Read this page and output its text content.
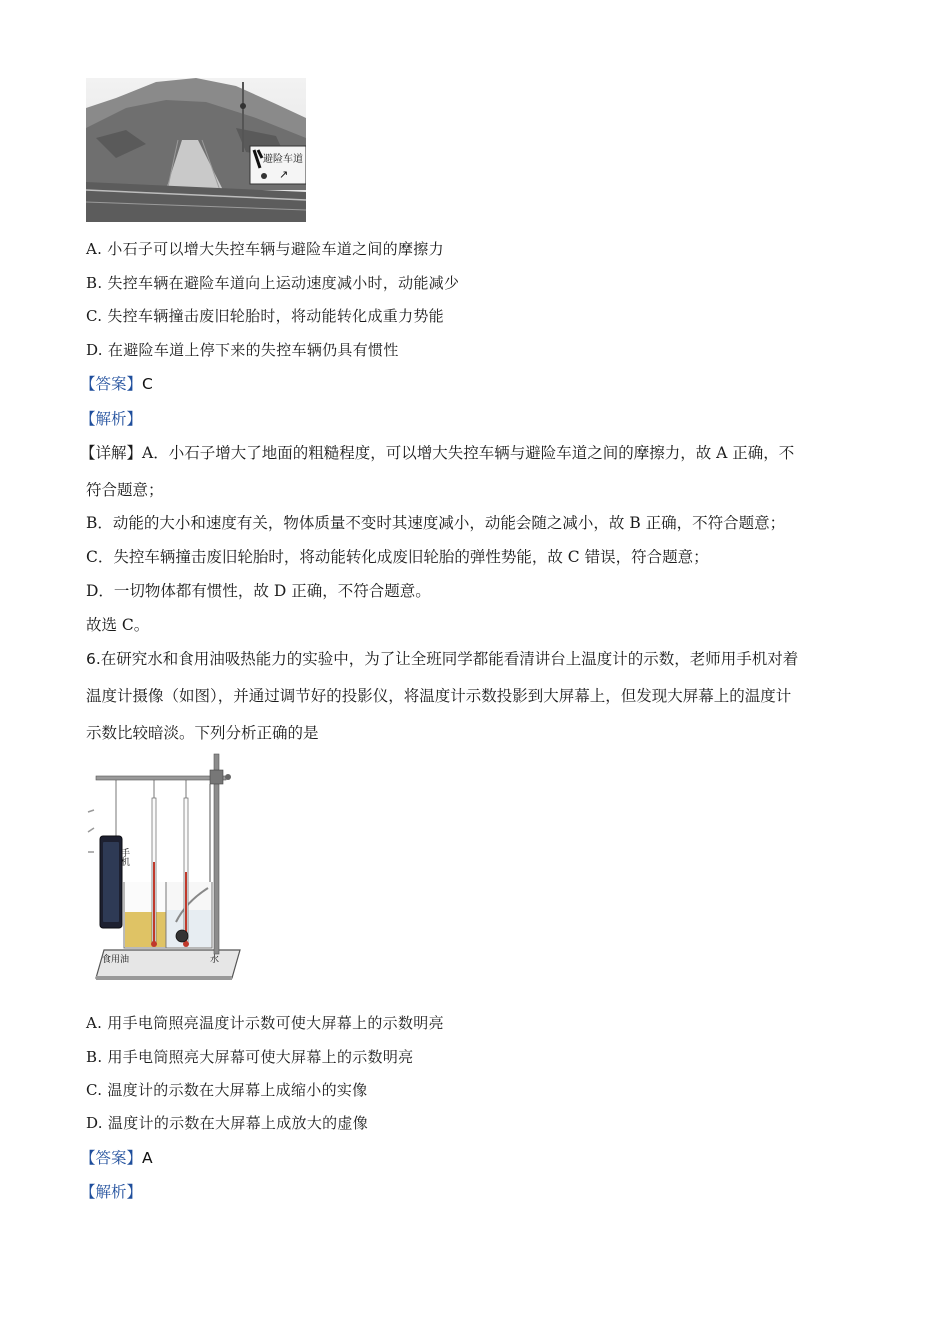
避险车道
↗
A. 小石子可以增大失控车辆与避险车道之间的摩擦力
B. 失控车辆在避险车道向上运动速度减小时，动能减少
C. 失控车辆撞击废旧轮胎时，将动能转化成重力势能
D. 在避险车道上停下来的失控车辆仍具有惯性
【答案】C
【解析】
【详解】A．小石子增大了地面的粗糙程度，可以增大失控车辆与避险车道之间的摩擦力，故 A 正确，不
符合题意；
B．动能的大小和速度有关，物体质量不变时其速度减小，动能会随之减小，故 B 正确，不符合题意；
C．失控车辆撞击废旧轮胎时，将动能转化成废旧轮胎的弹性势能，故 C 错误，符合题意；
D．一切物体都有惯性，故 D 正确，不符合题意。
故选 C。
6.在研究水和食用油吸热能力的实验中，为了让全班同学都能看清讲台上温度计的示数，老师用手机对着
温度计摄像（如图），并通过调节好的投影仪，将温度计示数投影到大屏幕上，但发现大屏幕上的温度计
示数比较暗淡。下列分析正确的是
手机
食用油	水
A. 用手电筒照亮温度计示数可使大屏幕上的示数明亮
B. 用手电筒照亮大屏幕可使大屏幕上的示数明亮
C. 温度计的示数在大屏幕上成缩小的实像
D. 温度计的示数在大屏幕上成放大的虚像
【答案】A
【解析】
